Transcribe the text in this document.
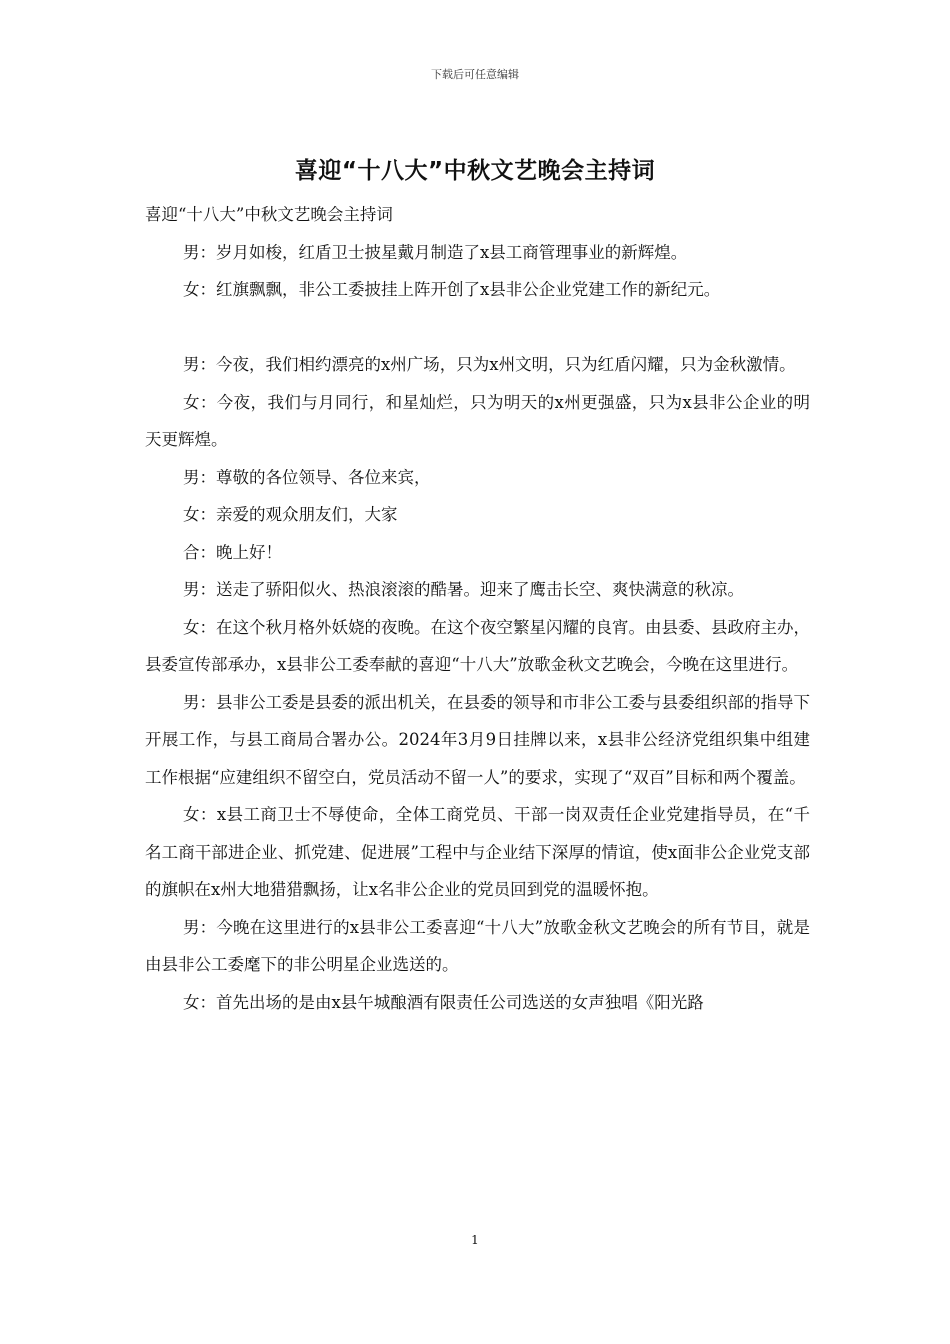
下载后可任意编辑
喜迎“十八大”中秋文艺晚会主持词

喜迎“十八大”中秋文艺晚会主持词

男：岁月如梭，红盾卫士披星戴月制造了x县工商管理事业的新辉煌。

女：红旗飘飘，非公工委披挂上阵开创了x县非公企业党建工作的新纪元。

男：今夜，我们相约漂亮的x州广场，只为x州文明，只为红盾闪耀，只为金秋激情。

女：今夜，我们与月同行，和星灿烂，只为明天的x州更强盛，只为x县非公企业的明天更辉煌。

男：尊敬的各位领导、各位来宾，

女：亲爱的观众朋友们，大家

合：晚上好！

男：送走了骄阳似火、热浪滚滚的酷暑。迎来了鹰击长空、爽快满意的秋凉。

女：在这个秋月格外妖娆的夜晚。在这个夜空繁星闪耀的良宵。由县委、县政府主办，县委宣传部承办，x县非公工委奉献的喜迎“十八大”放歌金秋文艺晚会，今晚在这里进行。

男：县非公工委是县委的派出机关，在县委的领导和市非公工委与县委组织部的指导下开展工作，与县工商局合署办公。2024年3月9日挂牌以来，x县非公经济党组织集中组建工作根据“应建组织不留空白，党员活动不留一人”的要求，实现了“双百”目标和两个覆盖。

女：x县工商卫士不辱使命，全体工商党员、干部一岗双责任企业党建指导员，在“千名工商干部进企业、抓党建、促进展”工程中与企业结下深厚的情谊，使x面非公企业党支部的旗帜在x州大地猎猎飘扬，让x名非公企业的党员回到党的温暖怀抱。

男：今晚在这里进行的x县非公工委喜迎“十八大”放歌金秋文艺晚会的所有节目，就是由县非公工委麾下的非公明星企业选送的。

女：首先出场的是由x县午城酿酒有限责任公司选送的女声独唱《阳光路

1
